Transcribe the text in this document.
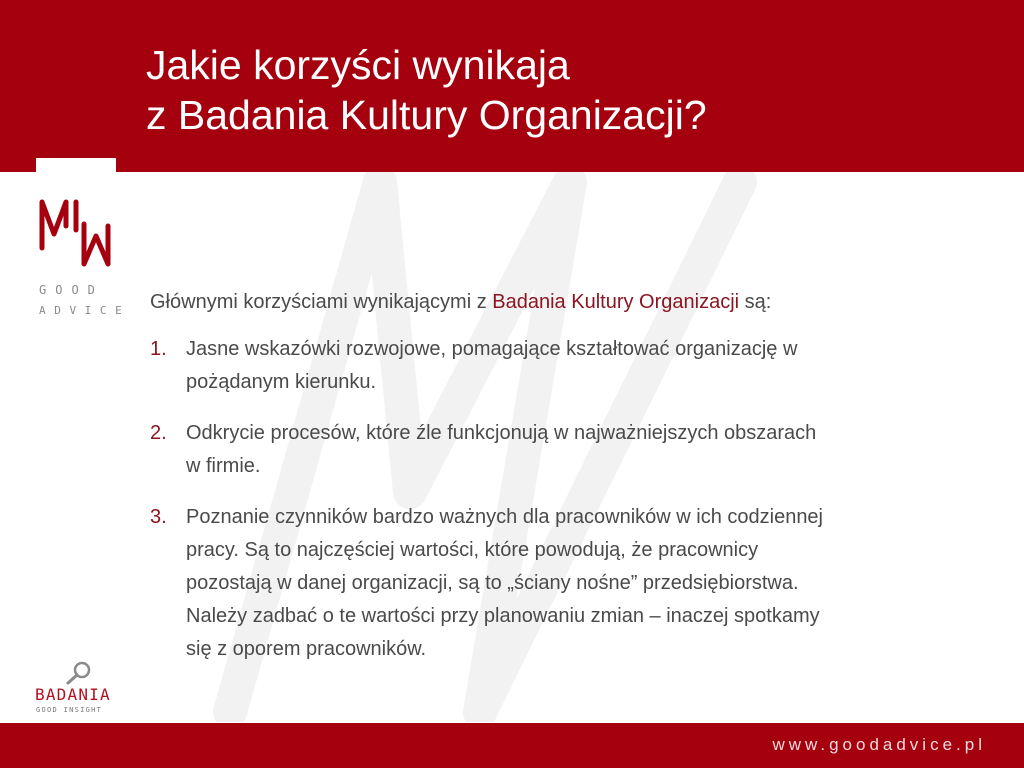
Jakie korzyści wynikaja
z Badania Kultury Organizacji?
GOOD
ADVICE Głównymi korzyściami wynikającymi z Badania Kultury Organizacji są:

1. Jasne wskazówki rozwojowe, pomagające kształtować organizację w
pożądanym kierunku.
2. Odkrycie procesów, które źle funkcjonują w najważniejszych obszarach
w firmie.
3. Poznanie czynników bardzo ważnych dla pracowników w ich codziennej
pracy. Są to najczęściej wartości, które powodują, że pracownicy
pozostają w danej organizacji, są to „ściany nośne” przedsiębiorstwa.
Należy zadbać o te wartości przy planowaniu zmian – inaczej spotkamy
się z oporem pracowników.
BADANIA
GOOD INSIGHT
www.goodadvice.pl
